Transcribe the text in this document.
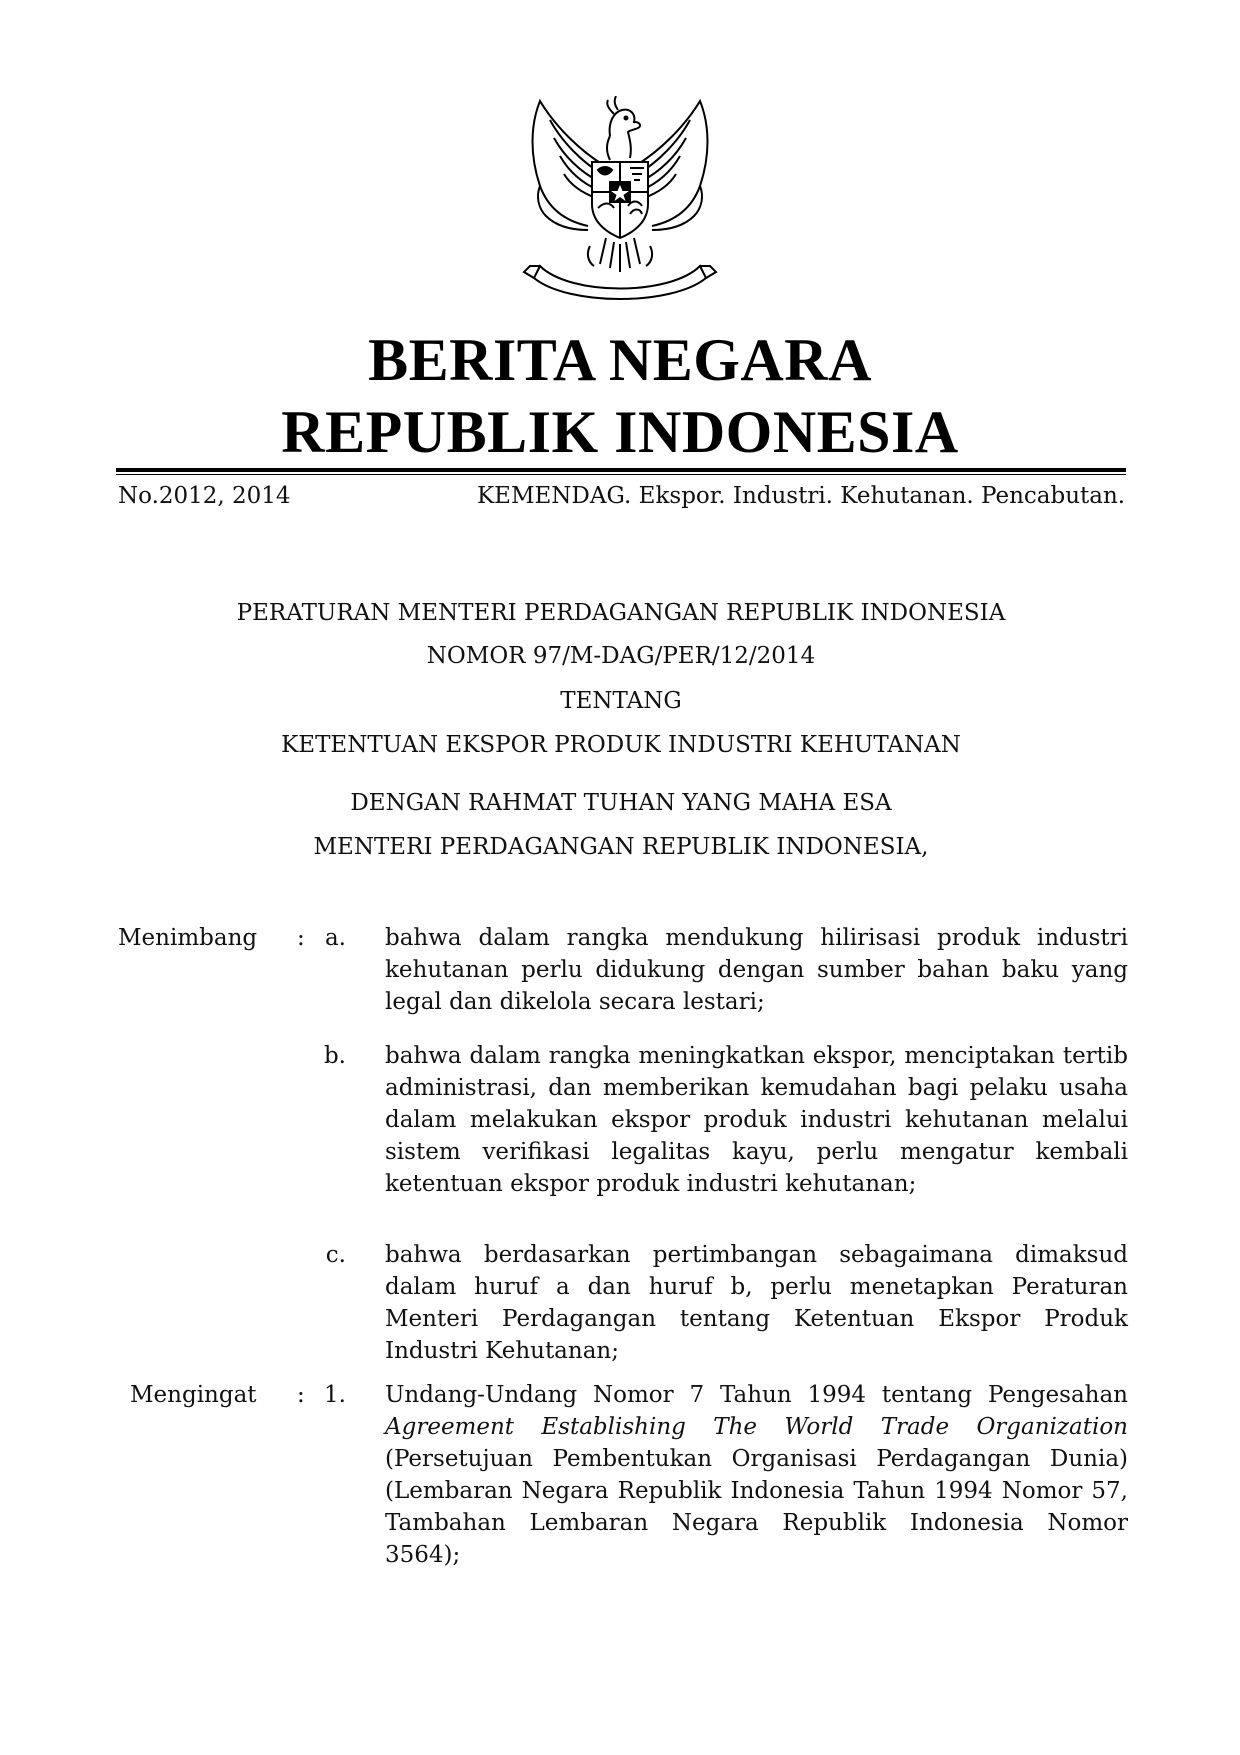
BERITA NEGARA
REPUBLIK INDONESIA
No.2012, 2014	KEMENDAG. Ekspor. Industri. Kehutanan. Pencabutan.
PERATURAN MENTERI PERDAGANGAN REPUBLIK INDONESIA
NOMOR 97/M-DAG/PER/12/2014
TENTANG
KETENTUAN EKSPOR PRODUK INDUSTRI KEHUTANAN
DENGAN RAHMAT TUHAN YANG MAHA ESA
MENTERI PERDAGANGAN REPUBLIK INDONESIA,
Menimbang : a. bahwa dalam rangka mendukung hilirisasi produk industri kehutanan perlu didukung dengan sumber bahan baku yang legal dan dikelola secara lestari;
b. bahwa dalam rangka meningkatkan ekspor, menciptakan tertib administrasi, dan memberikan kemudahan bagi pelaku usaha dalam melakukan ekspor produk industri kehutanan melalui sistem verifikasi legalitas kayu, perlu mengatur kembali ketentuan ekspor produk industri kehutanan;
c. bahwa berdasarkan pertimbangan sebagaimana dimaksud dalam huruf a dan huruf b, perlu menetapkan Peraturan Menteri Perdagangan tentang Ketentuan Ekspor Produk Industri Kehutanan;
Mengingat : 1. Undang-Undang Nomor 7 Tahun 1994 tentang Pengesahan Agreement Establishing The World Trade Organization (Persetujuan Pembentukan Organisasi Perdagangan Dunia) (Lembaran Negara Republik Indonesia Tahun 1994 Nomor 57, Tambahan Lembaran Negara Republik Indonesia Nomor 3564);
